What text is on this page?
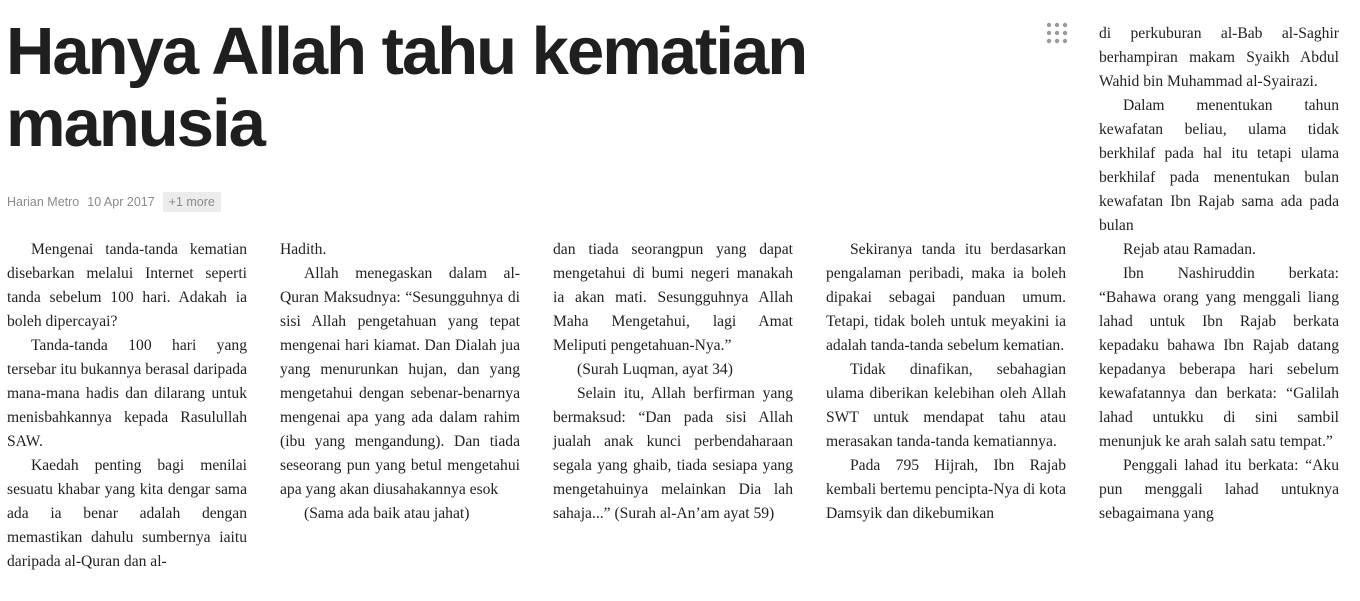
Hanya Allah tahu kematian manusia
Harian Metro 10 Apr 2017	+1 more

Mengenai tanda-tanda kematian disebarkan melalui Internet seperti tanda sebelum 100 hari. Adakah ia boleh dipercayai?

Tanda-tanda 100 hari yang tersebar itu bukannya berasal daripada mana-mana hadis dan dilarang untuk menisbahkannya kepada Rasulullah SAW.

Kaedah penting bagi menilai sesuatu khabar yang kita dengar sama ada ia benar adalah dengan memastikan dahulu sumbernya iaitu daripada al-Quran dan al-

Hadith.

Allah menegaskan dalam al-Quran Maksudnya: “Sesungguhnya di sisi Allah pengetahuan yang tepat mengenai hari kiamat. Dan Dialah jua yang menurunkan hujan, dan yang mengetahui dengan sebenar-benarnya mengenai apa yang ada dalam rahim (ibu yang mengandung). Dan tiada seseorang pun yang betul mengetahui apa yang akan diusahakannya esok

(Sama ada baik atau jahat)

dan tiada seorangpun yang dapat mengetahui di bumi negeri manakah ia akan mati. Sesungguhnya Allah Maha Mengetahui, lagi Amat Meliputi pengetahuan-Nya.”

(Surah Luqman, ayat 34)

Selain itu, Allah berfirman yang bermaksud: “Dan pada sisi Allah jualah anak kunci perbendaharaan segala yang ghaib, tiada sesiapa yang mengetahuinya melainkan Dia lah sahaja...” (Surah al-An’am ayat 59)

Sekiranya tanda itu berdasarkan pengalaman peribadi, maka ia boleh dipakai sebagai panduan umum. Tetapi, tidak boleh untuk meyakini ia adalah tanda-tanda sebelum kematian.

Tidak dinafikan, sebahagian ulama diberikan kelebihan oleh Allah SWT untuk mendapat tahu atau merasakan tanda-tanda kematiannya.

Pada 795 Hijrah, Ibn Rajab kembali bertemu pencipta-Nya di kota Damsyik dan dikebumikan

di perkuburan al-Bab al-Saghir berhampiran makam Syaikh Abdul Wahid bin Muhammad al-Syairazi.

Dalam menentukan tahun kewafatan beliau, ulama tidak berkhilaf pada hal itu tetapi ulama berkhilaf pada menentukan bulan kewafatan Ibn Rajab sama ada pada bulan

Rejab atau Ramadan.

Ibn Nashiruddin berkata: “Bahawa orang yang menggali liang lahad untuk Ibn Rajab berkata kepadaku bahawa Ibn Rajab datang kepadanya beberapa hari sebelum kewafatannya dan berkata: “Galilah lahad untukku di sini sambil menunjuk ke arah salah satu tempat.”

Penggali lahad itu berkata: “Aku pun menggali lahad untuknya sebagaimana yang
